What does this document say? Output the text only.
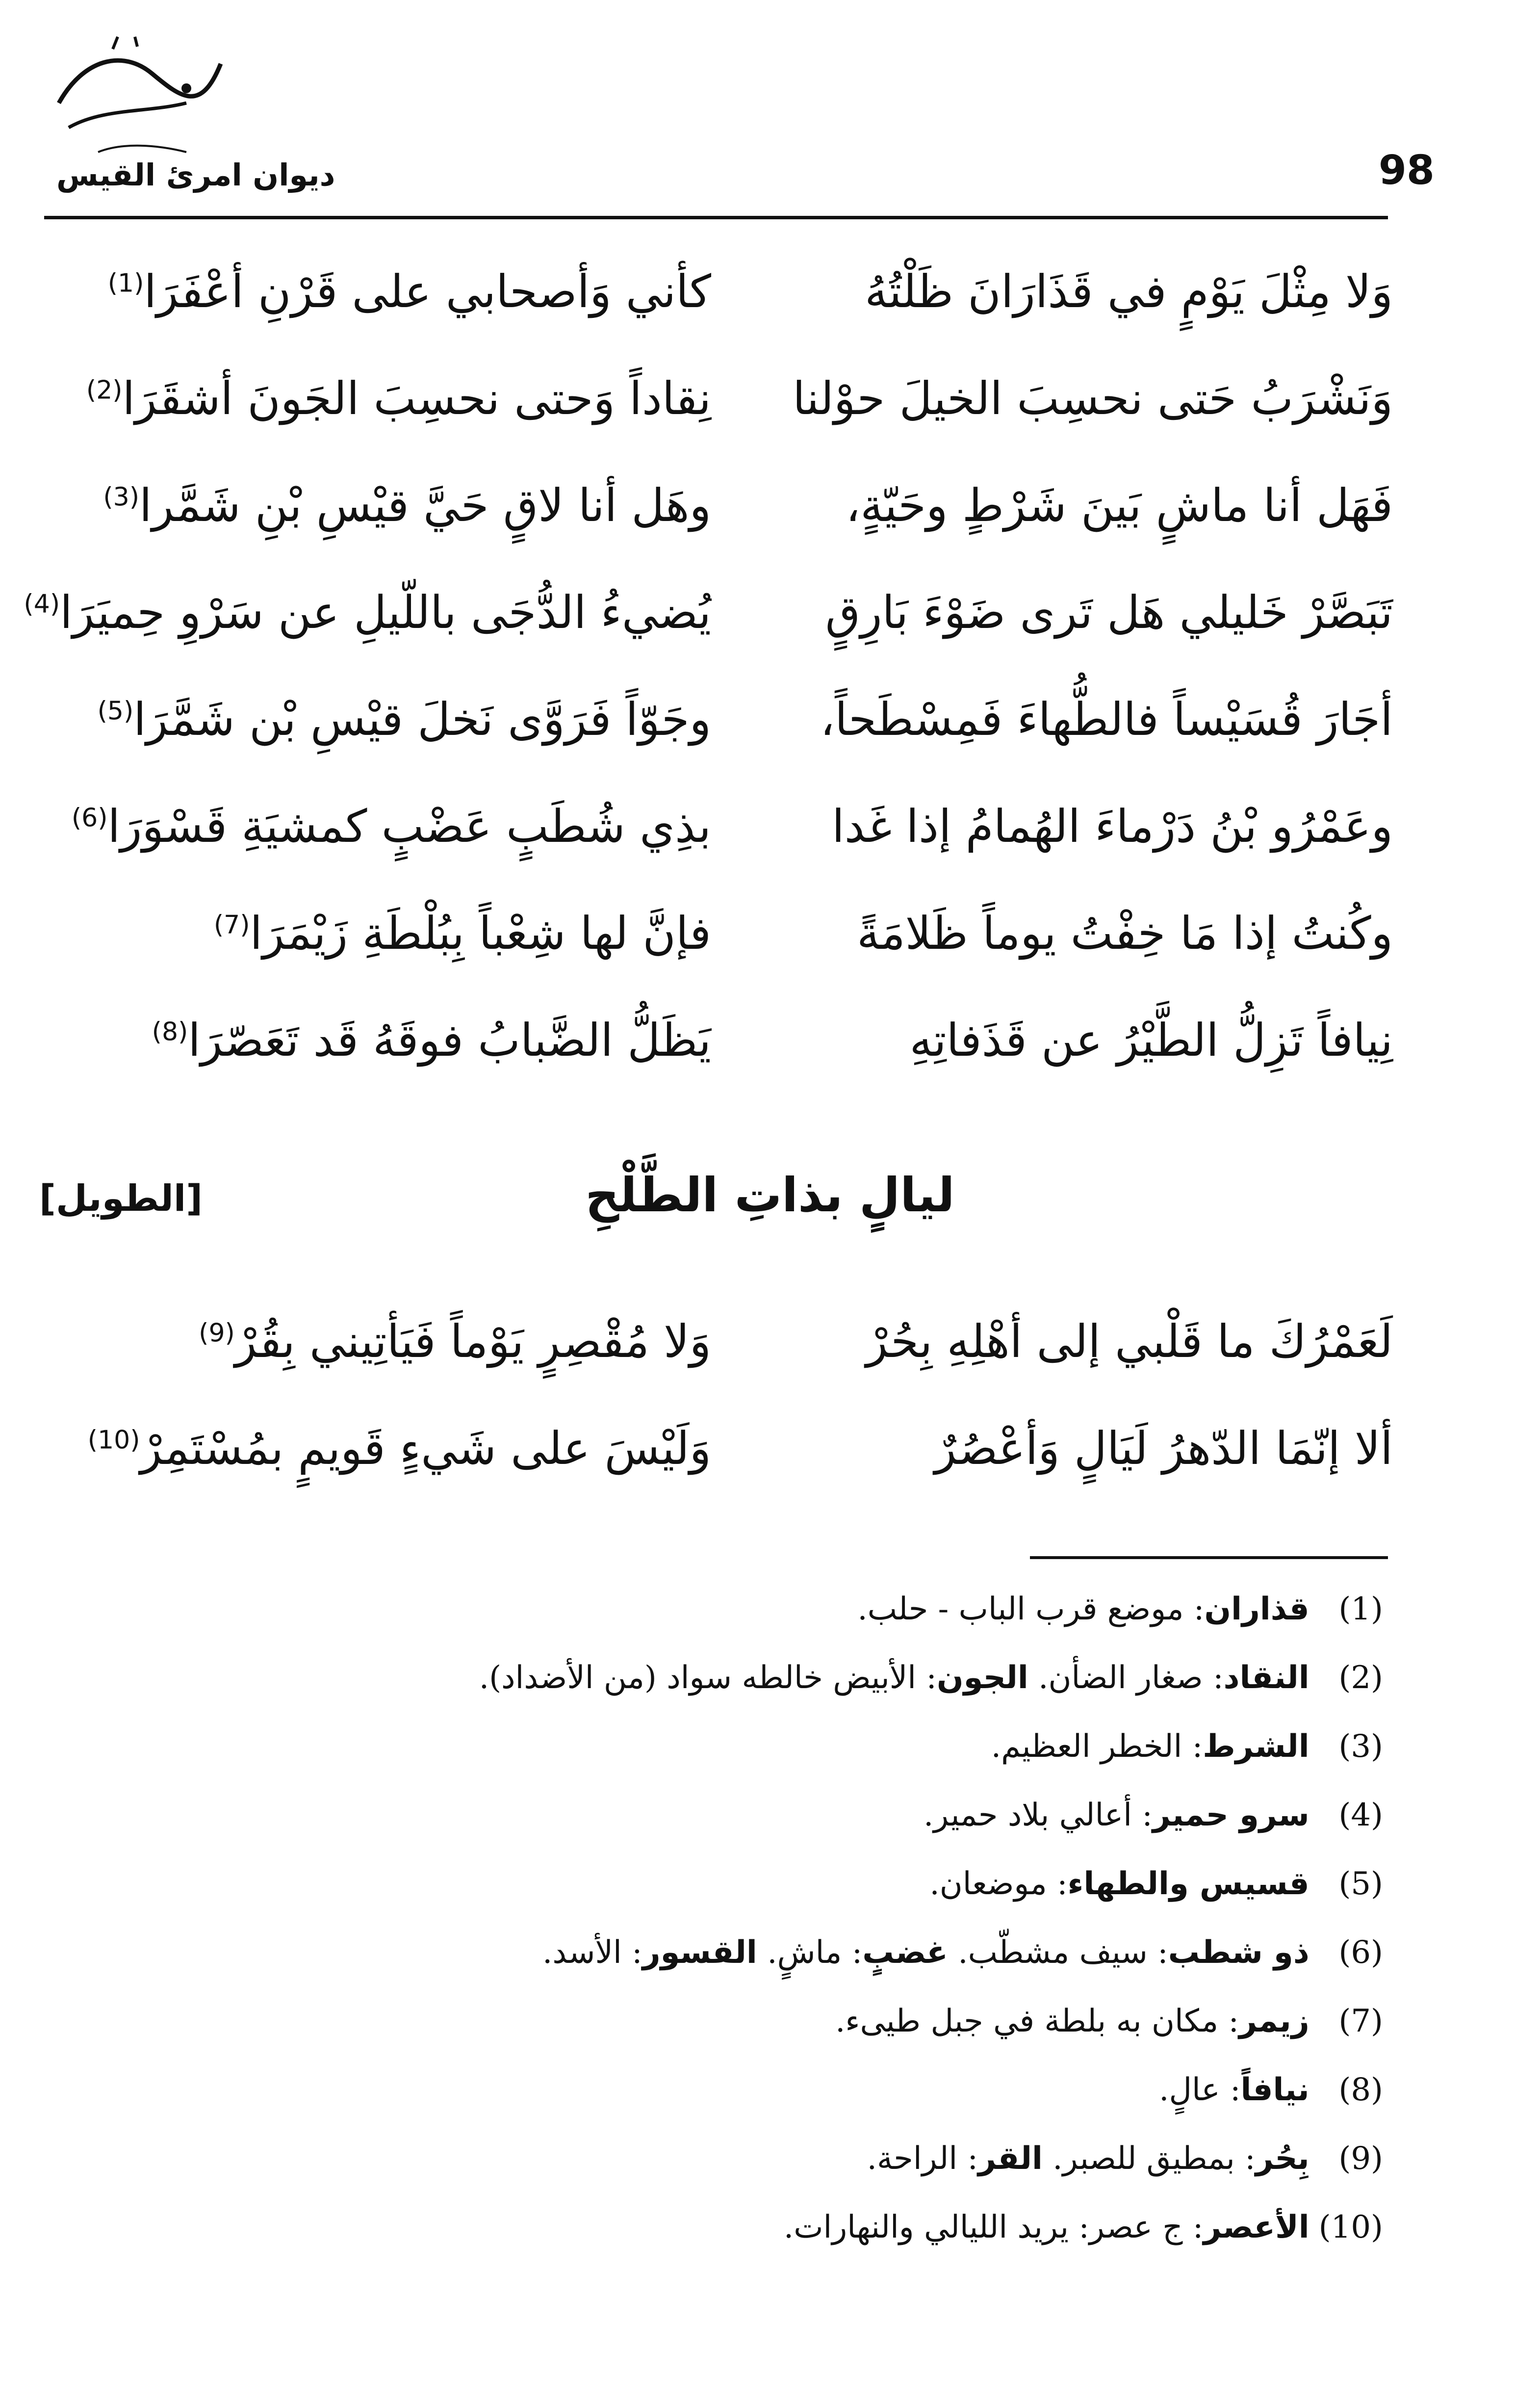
98
ديوان امرئ القيس
وَلا مِثْلَ يَوْمٍ في قَذَارَانَ ظَلْتُهُ
كأني وَأصحابي على قَرْنِ أعْفَرَا$^{(1)}$
وَنَشْرَبُ حَتى نحسِبَ الخيلَ حوْلنا
نِقاداً وَحتى نحسِبَ الجَونَ أشقَرَا$^{(2)}$
فَهَل أنا ماشٍ بَينَ شَرْطٍ وحَيّةٍ،
وهَل أنا لاقٍ حَيَّ قيْسِ بْنِ شَمَّرا$^{(3)}$
تَبَصَّرْ خَليلي هَل تَرى ضَوْءَ بَارِقٍ
يُضيءُ الدُّجَى باللّيلِ عن سَرْوِ حِميَرَا$^{(4)}$
أجَارَ قُسَيْساً فالطُّهاءَ فَمِسْطَحاً،
وجَوّاً فَرَوَّى نَخلَ قيْسِ بْن شَمَّرَا$^{(5)}$
وعَمْرُو بْنُ دَرْماءَ الهُمامُ إذا غَدا
بذِي شُطَبٍ عَضْبٍ كمشيَةِ قَسْوَرَا$^{(6)}$
وكُنتُ إذا مَا خِفْتُ يوماً ظَلامَةً
فإنَّ لها شِعْباً بِبُلْطَةِ زَيْمَرَا$^{(7)}$
نِيافاً تَزِلُّ الطَّيْرُ عن قَذَفاتِهِ
يَظَلُّ الضَّبابُ فوقَهُ قَد تَعَصّرَا$^{(8)}$
ليالٍ بذاتِ الطَّلْحِ
[الطويل]
لَعَمْرُكَ ما قَلْبي إلى أهْلِهِ بِحُرْ
وَلا مُقْصِرٍ يَوْماً فَيَأتِيني بِقُرْ$^{(9)}$
ألا إنّمَا الدّهرُ لَيَالٍ وَأعْصُرٌ
وَلَيْسَ على شَيءٍ قَويمٍ بمُسْتَمِرْ$^{(10)}$
(1) قذاران: موضع قرب الباب - حلب.
(2) النقاد: صغار الضأن. الجون: الأبيض خالطه سواد (من الأضداد).
(3) الشرط: الخطر العظيم.
(4) سرو حمير: أعالي بلاد حمير.
(5) قسيس والطهاء: موضعان.
(6) ذو شطب: سيف مشطّب. غضبٍ: ماشٍ. القسور: الأسد.
(7) زيمر: مكان به بلطة في جبل طيىء.
(8) نيافاً: عالٍ.
(9) بِحُر: بمطيق للصبر. القر: الراحة.
(10) الأعصر: ج عصر: يريد الليالي والنهارات.
